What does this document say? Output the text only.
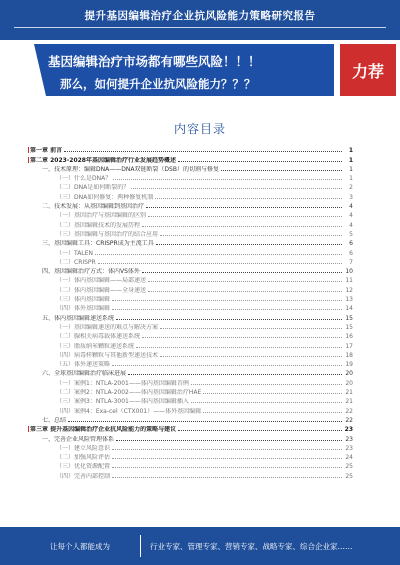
提升基因编辑治疗企业抗风险能力策略研究报告
基因编辑治疗市场都有哪些风险！！！
那么，如何提升企业抗风险能力？？？
力荐
内容目录
第一章 前言	1
第二章 2023-2028年基因编辑治疗行业发展趋势概述	1
一、技术原理：编辑DNA——DNA双链断裂（DSB）的切割与修复	1
（一）什么是DNA？	1
（二）DNA是如何断裂的？	2
（三）DNA如何修复：两种修复机制	3
二、技术发展：从基因编辑到基因治疗	4
（一）基因治疗与基因编辑的区别	4
（二）基因编辑技术的发展历程	4
（三）基因编辑与基因治疗的结合应用	5
三、基因编辑工具：CRISPR成为主流工具	6
（一）TALEN	6
（二）CRISPR	7
四、基因编辑治疗方式：体内VS体外	10
（一）体内基因编辑——局部递送	11
（二）体内基因编辑——全身递送	12
（三）体内基因编辑	13
（四）体外基因编辑	14
五、体内基因编辑递送系统	15
（一）基因编辑递送的难点与解决方案	15
（二）腺相关病毒载体递送系统	16
（三）脂质纳米颗粒递送系统	17
（四）病毒样颗粒与其他新型递送技术	18
（五）体外递送策略	19
六、全球基因编辑治疗临床进展	20
（一）案例1：NTLA-2001——体内基因编辑首例	20
（二）案例2：NTLA-2002——体内基因编辑治疗HAE	21
（三）案例3：NTLA-3001——体内基因编辑插入	21
（四）案例4：Exa-cel（CTX001）——体外基因编辑	22
七、总结	22
第三章 提升基因编辑治疗企业抗风险能力的策略与建议	23
一、完善企业风险管理体系	23
（一）建立风险意识	23
（二）加强风险评估	24
（三）优化资源配置	25
（四）完善内部控制	25
让每个人都能成为	行业专家、管理专家、营销专家、战略专家、综合企业家……
